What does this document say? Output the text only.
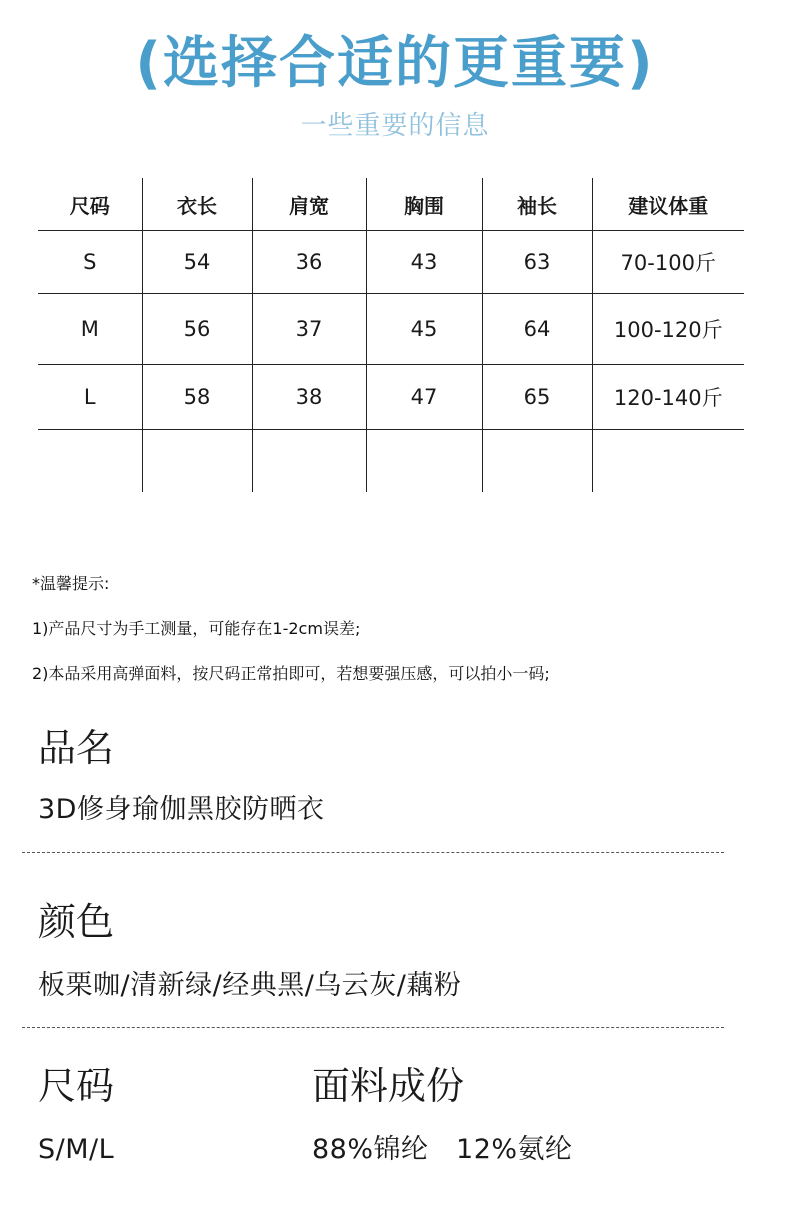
(选择合适的更重要)
一些重要的信息
尺码	衣长	肩宽	胸围	袖长	建议体重
S	54	36	43	63	70-100斤
M	56	37	45	64	100-120斤
L	58	38	47	65	120-140斤

*温馨提示:
1)产品尺寸为手工测量，可能存在1-2cm误差;
2)本品采用高弹面料，按尺码正常拍即可，若想要强压感，可以拍小一码;
品名
3D修身瑜伽黑胶防晒衣
颜色
板栗咖/清新绿/经典黑/乌云灰/藕粉
尺码
S/M/L
面料成份
88%锦纶　12%氨纶
